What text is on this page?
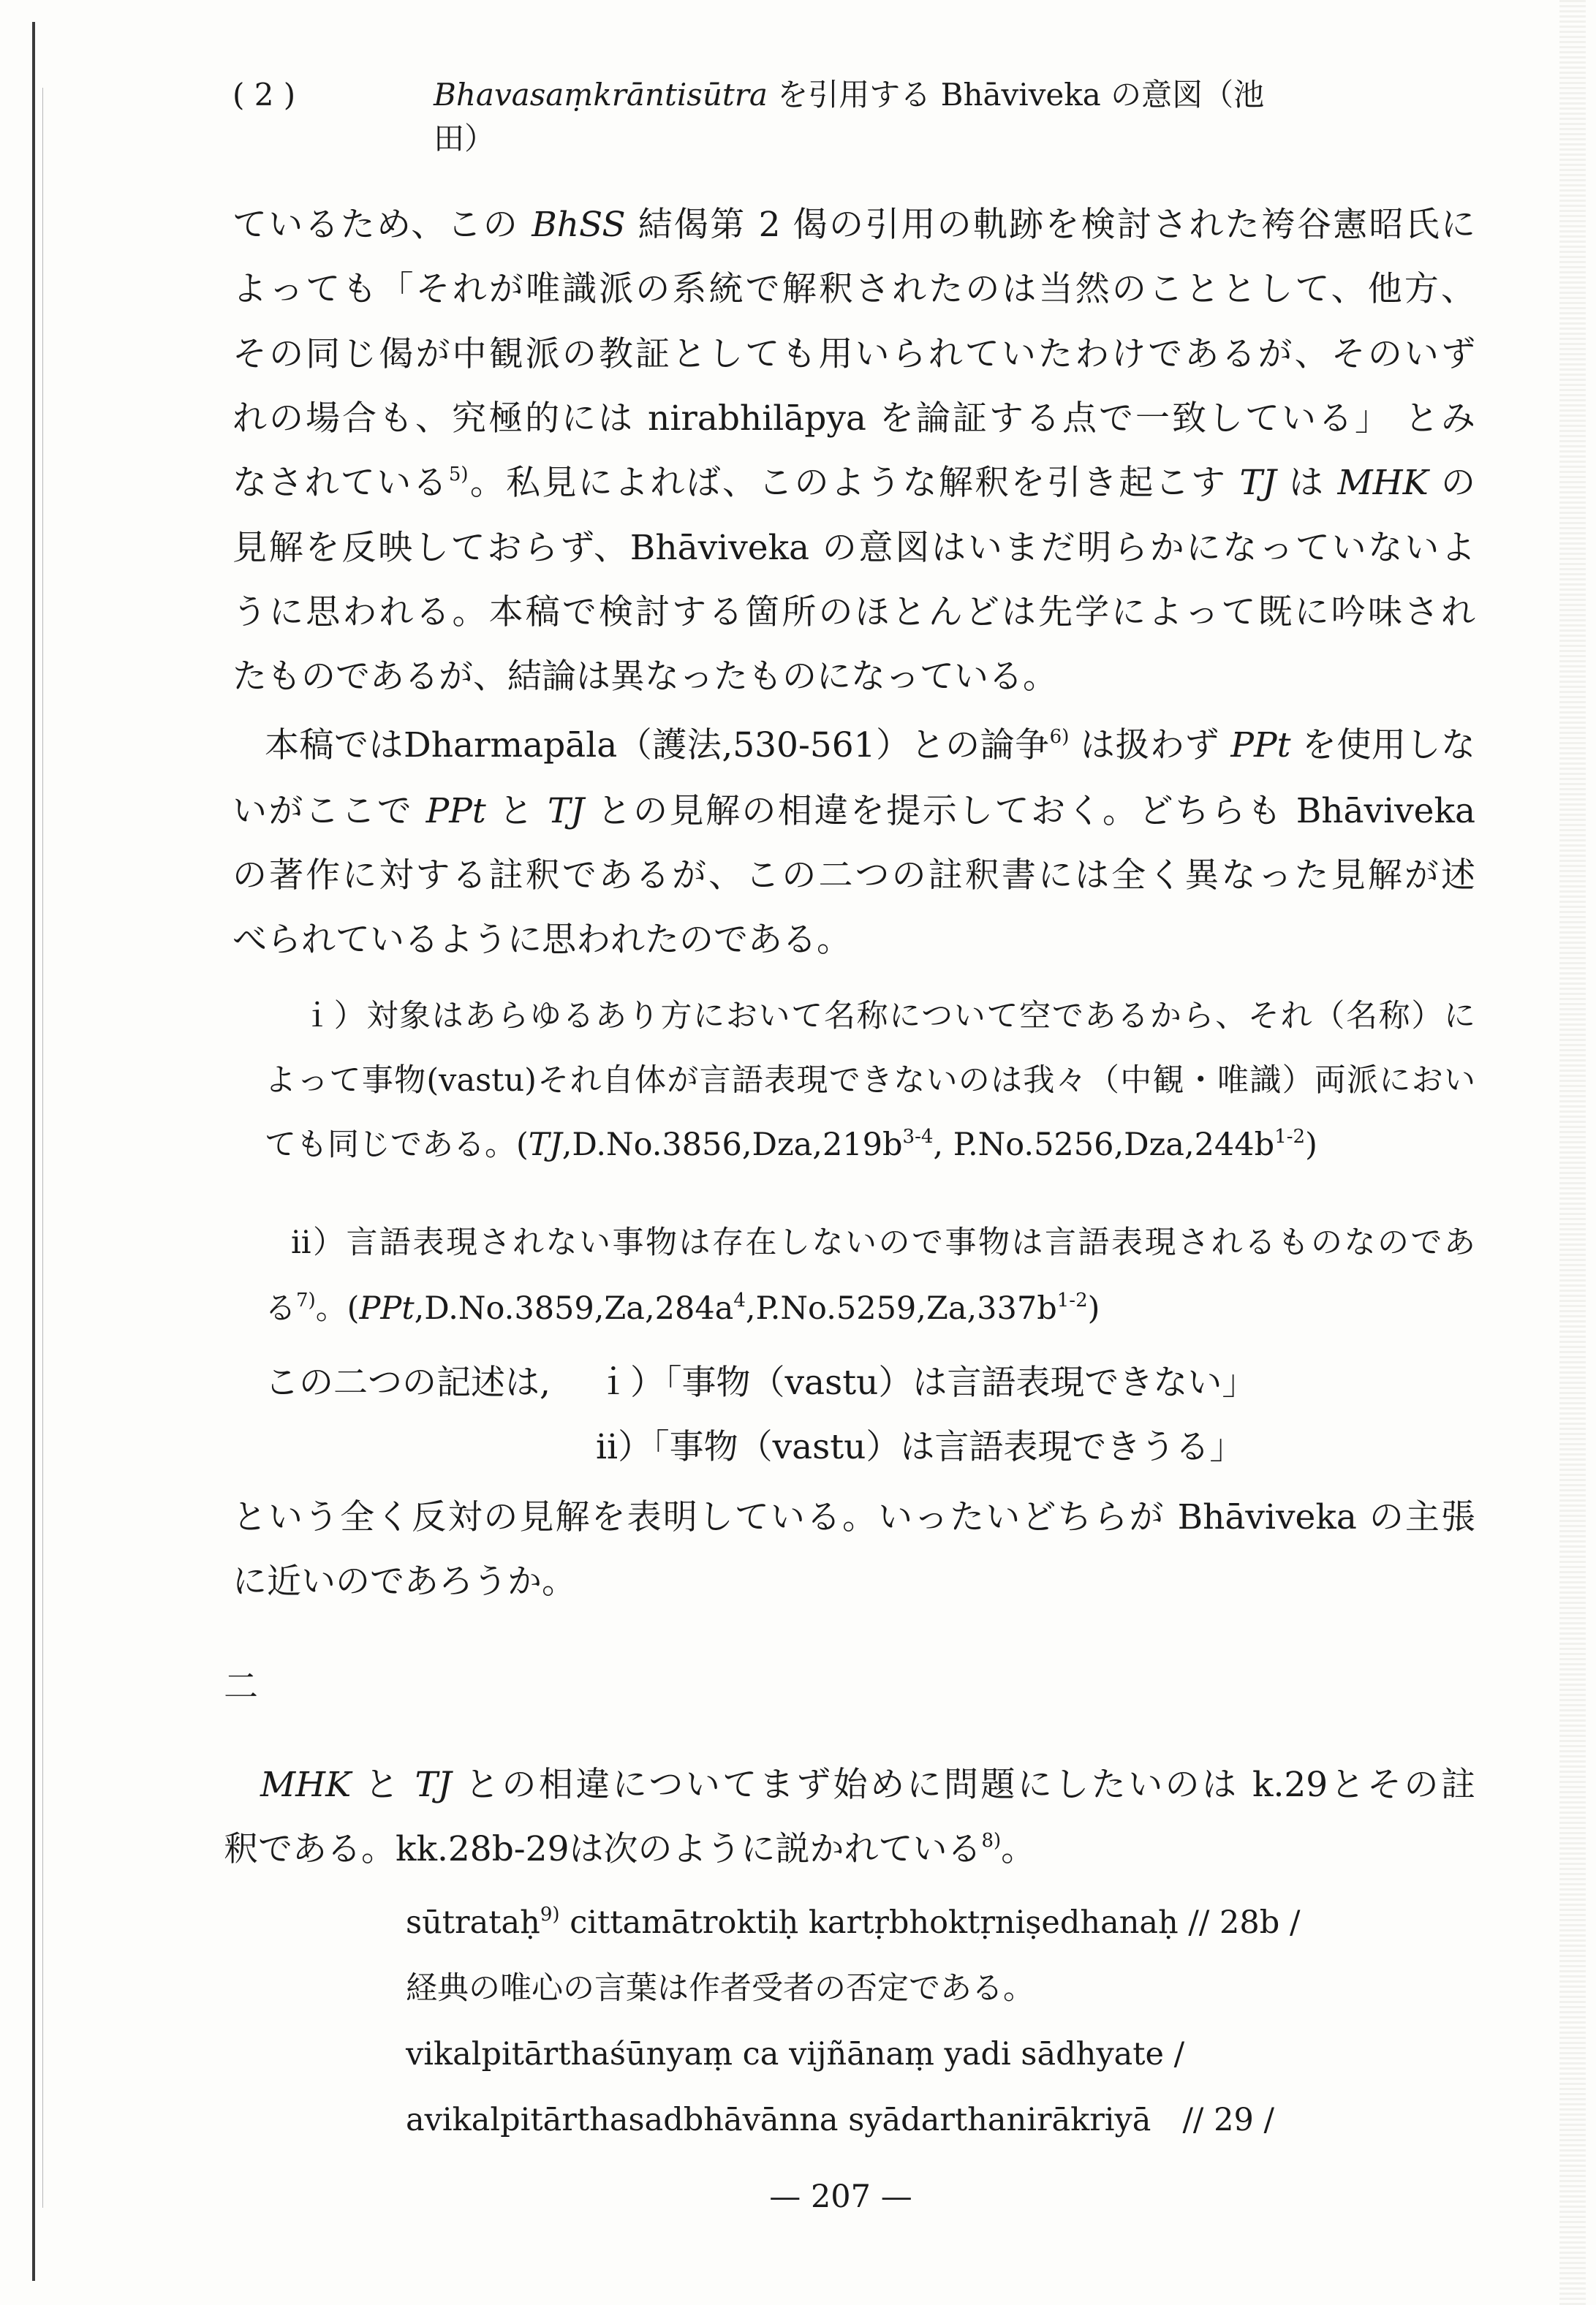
( 2 )	Bhavasaṃkrāntisūtra を引用する Bhāviveka の意図（池田）
ているため、この BhSS 結偈第 2 偈の引用の軌跡を検討された袴谷憲昭氏に
よっても「それが唯識派の系統で解釈されたのは当然のこととして、他方、
その同じ偈が中観派の教証としても用いられていたわけであるが、そのいず
れの場合も、究極的には nirabhilāpya を論証する点で一致している」 とみ
なされている$^{5)}$。私見によれば、このような解釈を引き起こす TJ は MHK の
見解を反映しておらず、Bhāviveka の意図はいまだ明らかになっていないよ
うに思われる。本稿で検討する箇所のほとんどは先学によって既に吟味され
たものであるが、結論は異なったものになっている。
本稿ではDharmapāla（護法,530-561）との論争$^{6)}$ は扱わず PPt を使用しな
いがここで PPt と TJ との見解の相違を提示しておく。どちらも Bhāviveka
の著作に対する註釈であるが、この二つの註釈書には全く異なった見解が述
べられているように思われたのである。
ｉ）対象はあらゆるあり方において名称について空であるから、それ（名称）に
よって事物(vastu)それ自体が言語表現できないのは我々（中観・唯識）両派におい
ても同じである。($TJ,D.No.3856,Dza,219b^{3-4}$, $P.No.5256,Dza,244b^{1-2}$)
ii）言語表現されない事物は存在しないので事物は言語表現されるものなのであ
る$^{7)}$。$(PPt,D.No.3859,Za,284a^4,P.No.5259,Za,337b^{1-2})$
この二つの記述は, ｉ）「事物（vastu）は言語表現できない」
ii）「事物（vastu）は言語表現できうる」
という全く反対の見解を表明している。いったいどちらが Bhāviveka の主張
に近いのであろうか。
二
MHK と TJ との相違についてまず始めに問題にしたいのは k.29とその註
釈である。kk.28b-29は次のように説かれている$^{8)}$。
sūtrataḥ$^{9)}$ cittamātroktiḥ kartṛbhoktṛniṣedhanaḥ // 28b /
経典の唯心の言葉は作者受者の否定である。
vikalpitārthaśūnyaṃ ca vijñānaṃ yadi sādhyate /
avikalpitārthasadbhāvānna syādarthanirākriyā　// 29 /
— 207 —
